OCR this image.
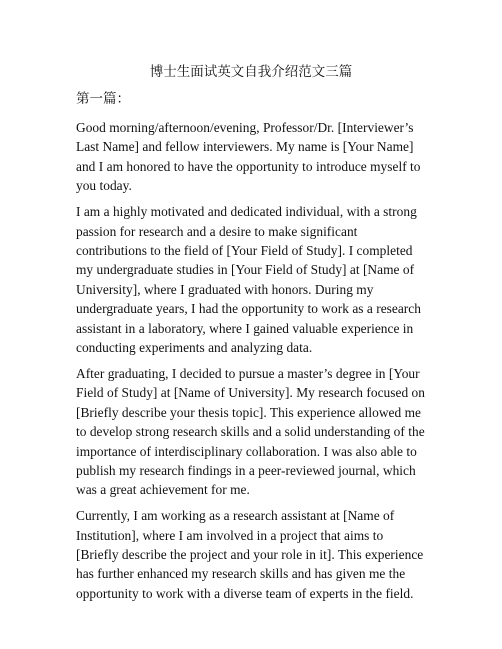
博士生面试英文自我介绍范文三篇
第一篇：

Good morning/afternoon/evening, Professor/Dr. [Interviewer’s Last Name] and fellow interviewers. My name is [Your Name] and I am honored to have the opportunity to introduce myself to you today.

I am a highly motivated and dedicated individual, with a strong passion for research and a desire to make significant contributions to the field of [Your Field of Study]. I completed my undergraduate studies in [Your Field of Study] at [Name of University], where I graduated with honors. During my undergraduate years, I had the opportunity to work as a research assistant in a laboratory, where I gained valuable experience in conducting experiments and analyzing data.

After graduating, I decided to pursue a master’s degree in [Your Field of Study] at [Name of University]. My research focused on [Briefly describe your thesis topic]. This experience allowed me to develop strong research skills and a solid understanding of the importance of interdisciplinary collaboration. I was also able to publish my research findings in a peer-reviewed journal, which was a great achievement for me.

Currently, I am working as a research assistant at [Name of Institution], where I am involved in a project that aims to [Briefly describe the project and your role in it]. This experience has further enhanced my research skills and has given me the opportunity to work with a diverse team of experts in the field.
